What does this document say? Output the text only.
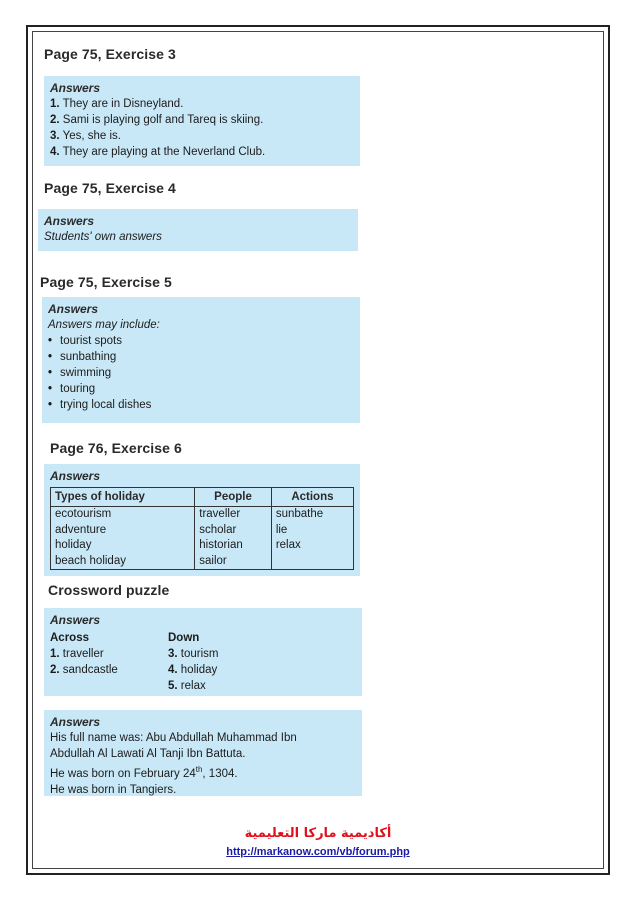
Page 75, Exercise 3
Answers
1. They are in Disneyland.
2. Sami is playing golf and Tareq is skiing.
3. Yes, she is.
4. They are playing at the Neverland Club.
Page 75, Exercise 4
Answers
Students' own answers
Page 75, Exercise 5
Answers
Answers may include:
• tourist spots
• sunbathing
• swimming
• touring
• trying local dishes
Page 76, Exercise 6
Answers
Types of holiday	People	Actions
ecotourism	traveller	sunbathe
adventure	scholar	lie
holiday	historian	relax
beach holiday	sailor	
Crossword puzzle
Answers
Across
1. traveller
2. sandcastle
Down
3. tourism
4. holiday
5. relax
Answers
His full name was: Abu Abdullah Muhammad Ibn
Abdullah Al Lawati Al Tanji Ibn Battuta.
He was born on February 24th, 1304.
He was born in Tangiers.
أكاديمية ماركا التعليمية
http://markanow.com/vb/forum.php
